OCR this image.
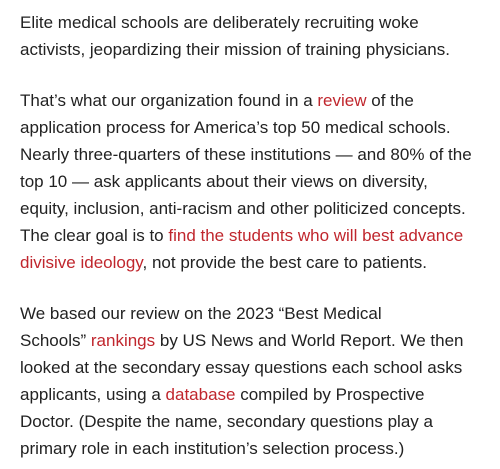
Elite medical schools are deliberately recruiting woke
activists, jeopardizing their mission of training physicians.

That’s what our organization found in a review of the
application process for America’s top 50 medical schools.
Nearly three-quarters of these institutions — and 80% of the
top 10 — ask applicants about their views on diversity,
equity, inclusion, anti-racism and other politicized concepts.
The clear goal is to find the students who will best advance
divisive ideology, not provide the best care to patients.

We based our review on the 2023 “Best Medical
Schools” rankings by US News and World Report. We then
looked at the secondary essay questions each school asks
applicants, using a database compiled by Prospective
Doctor. (Despite the name, secondary questions play a
primary role in each institution’s selection process.)
